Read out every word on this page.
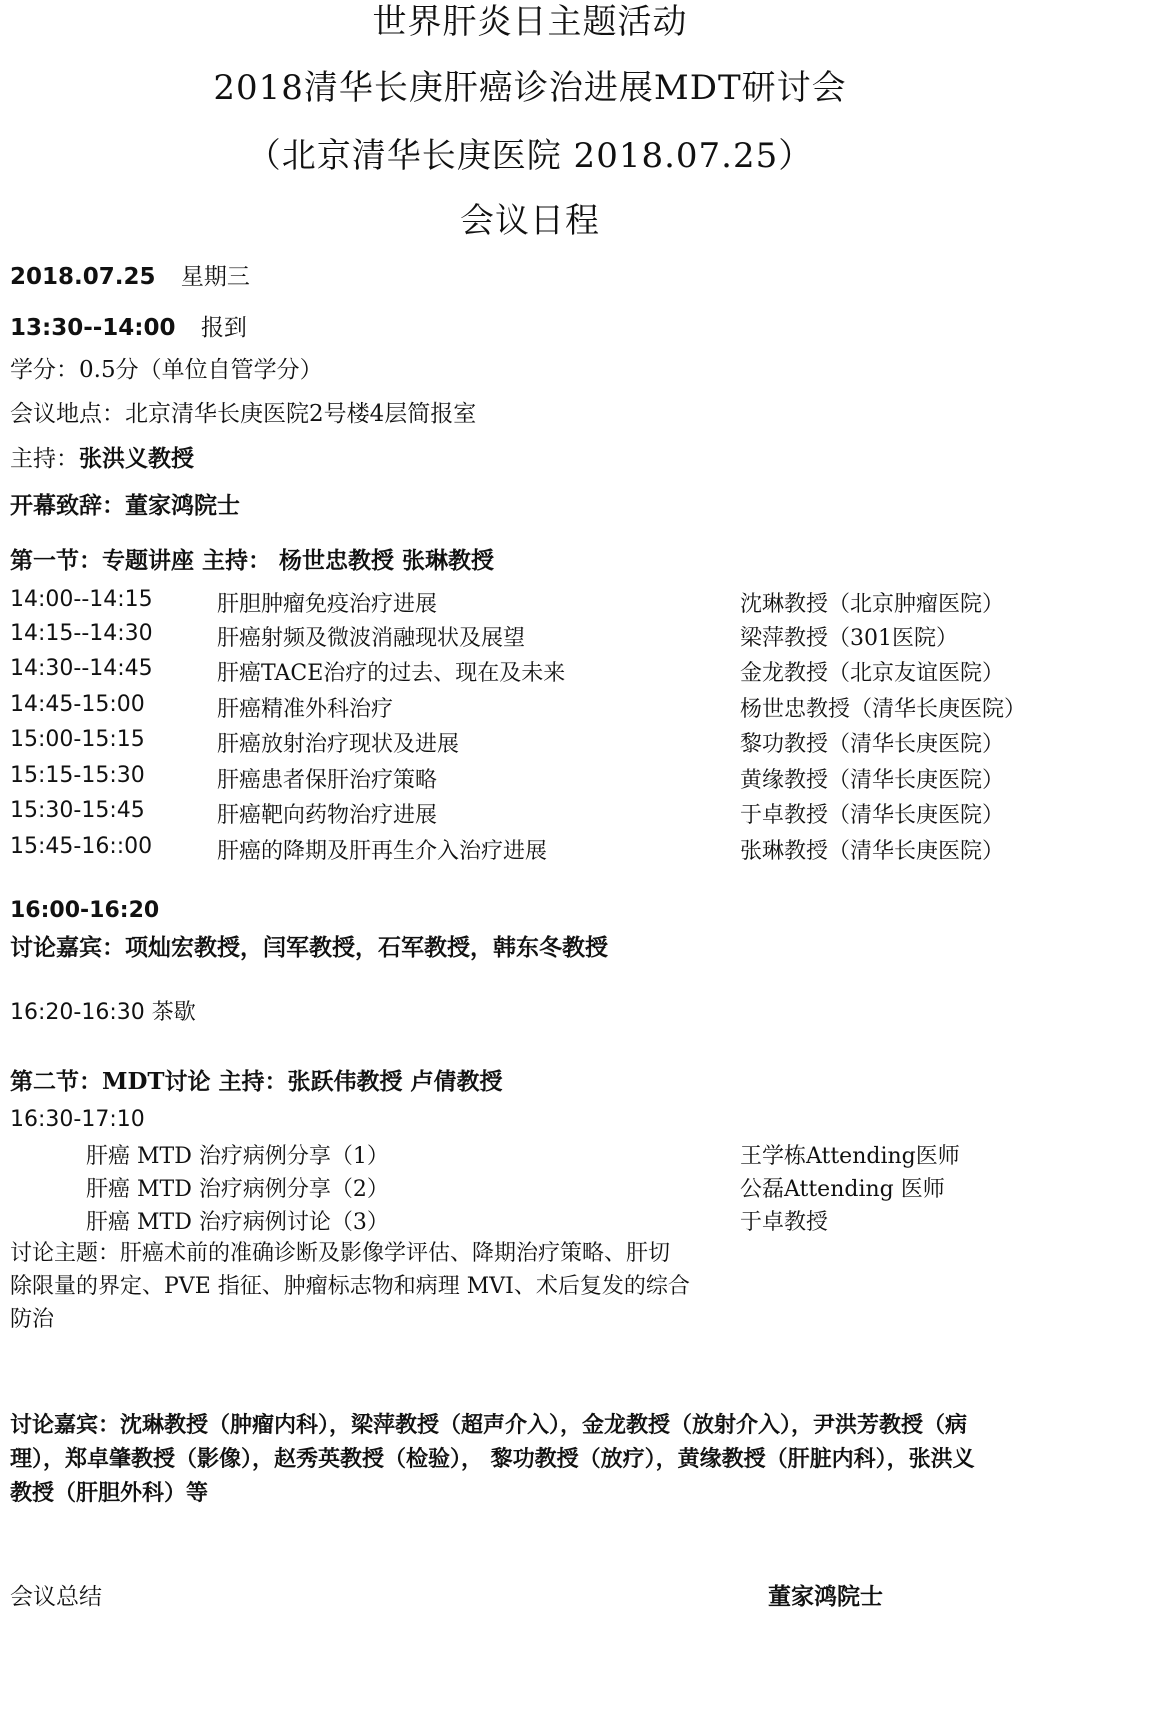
世界肝炎日主题活动
2018清华长庚肝癌诊治进展MDT研讨会
（北京清华长庚医院 2018.07.25）
会议日程
2018.07.25 星期三
13:30--14:00 报到
学分：0.5分（单位自管学分）
会议地点：北京清华长庚医院2号楼4层简报室
主持：张洪义教授
开幕致辞：董家鸿院士
第一节：专题讲座 主持： 杨世忠教授 张琳教授
14:00--14:15	肝胆肿瘤免疫治疗进展	沈琳教授（北京肿瘤医院）
14:15--14:30	肝癌射频及微波消融现状及展望	梁萍教授（301医院）
14:30--14:45	肝癌TACE治疗的过去、现在及未来	金龙教授（北京友谊医院）
14:45-15:00	肝癌精准外科治疗	杨世忠教授（清华长庚医院）
15:00-15:15	肝癌放射治疗现状及进展	黎功教授（清华长庚医院）
15:15-15:30	肝癌患者保肝治疗策略	黄缘教授（清华长庚医院）
15:30-15:45	肝癌靶向药物治疗进展	于卓教授（清华长庚医院）
15:45-16::00	肝癌的降期及肝再生介入治疗进展	张琳教授（清华长庚医院）
16:00-16:20
讨论嘉宾：项灿宏教授，闫军教授，石军教授，韩东冬教授
16:20-16:30 茶歇
第二节：MDT讨论 主持：张跃伟教授 卢倩教授
16:30-17:10
肝癌 MTD 治疗病例分享（1）	王学栋Attending医师
肝癌 MTD 治疗病例分享（2）	公磊Attending 医师
肝癌 MTD 治疗病例讨论（3）	于卓教授
讨论主题：肝癌术前的准确诊断及影像学评估、降期治疗策略、肝切
除限量的界定、PVE 指征、肿瘤标志物和病理 MVI、术后复发的综合
防治
讨论嘉宾：沈琳教授（肿瘤内科），梁萍教授（超声介入），金龙教授（放射介入），尹洪芳教授（病
理），郑卓肇教授（影像），赵秀英教授（检验）， 黎功教授（放疗），黄缘教授（肝脏内科），张洪义
教授（肝胆外科）等
会议总结	董家鸿院士
